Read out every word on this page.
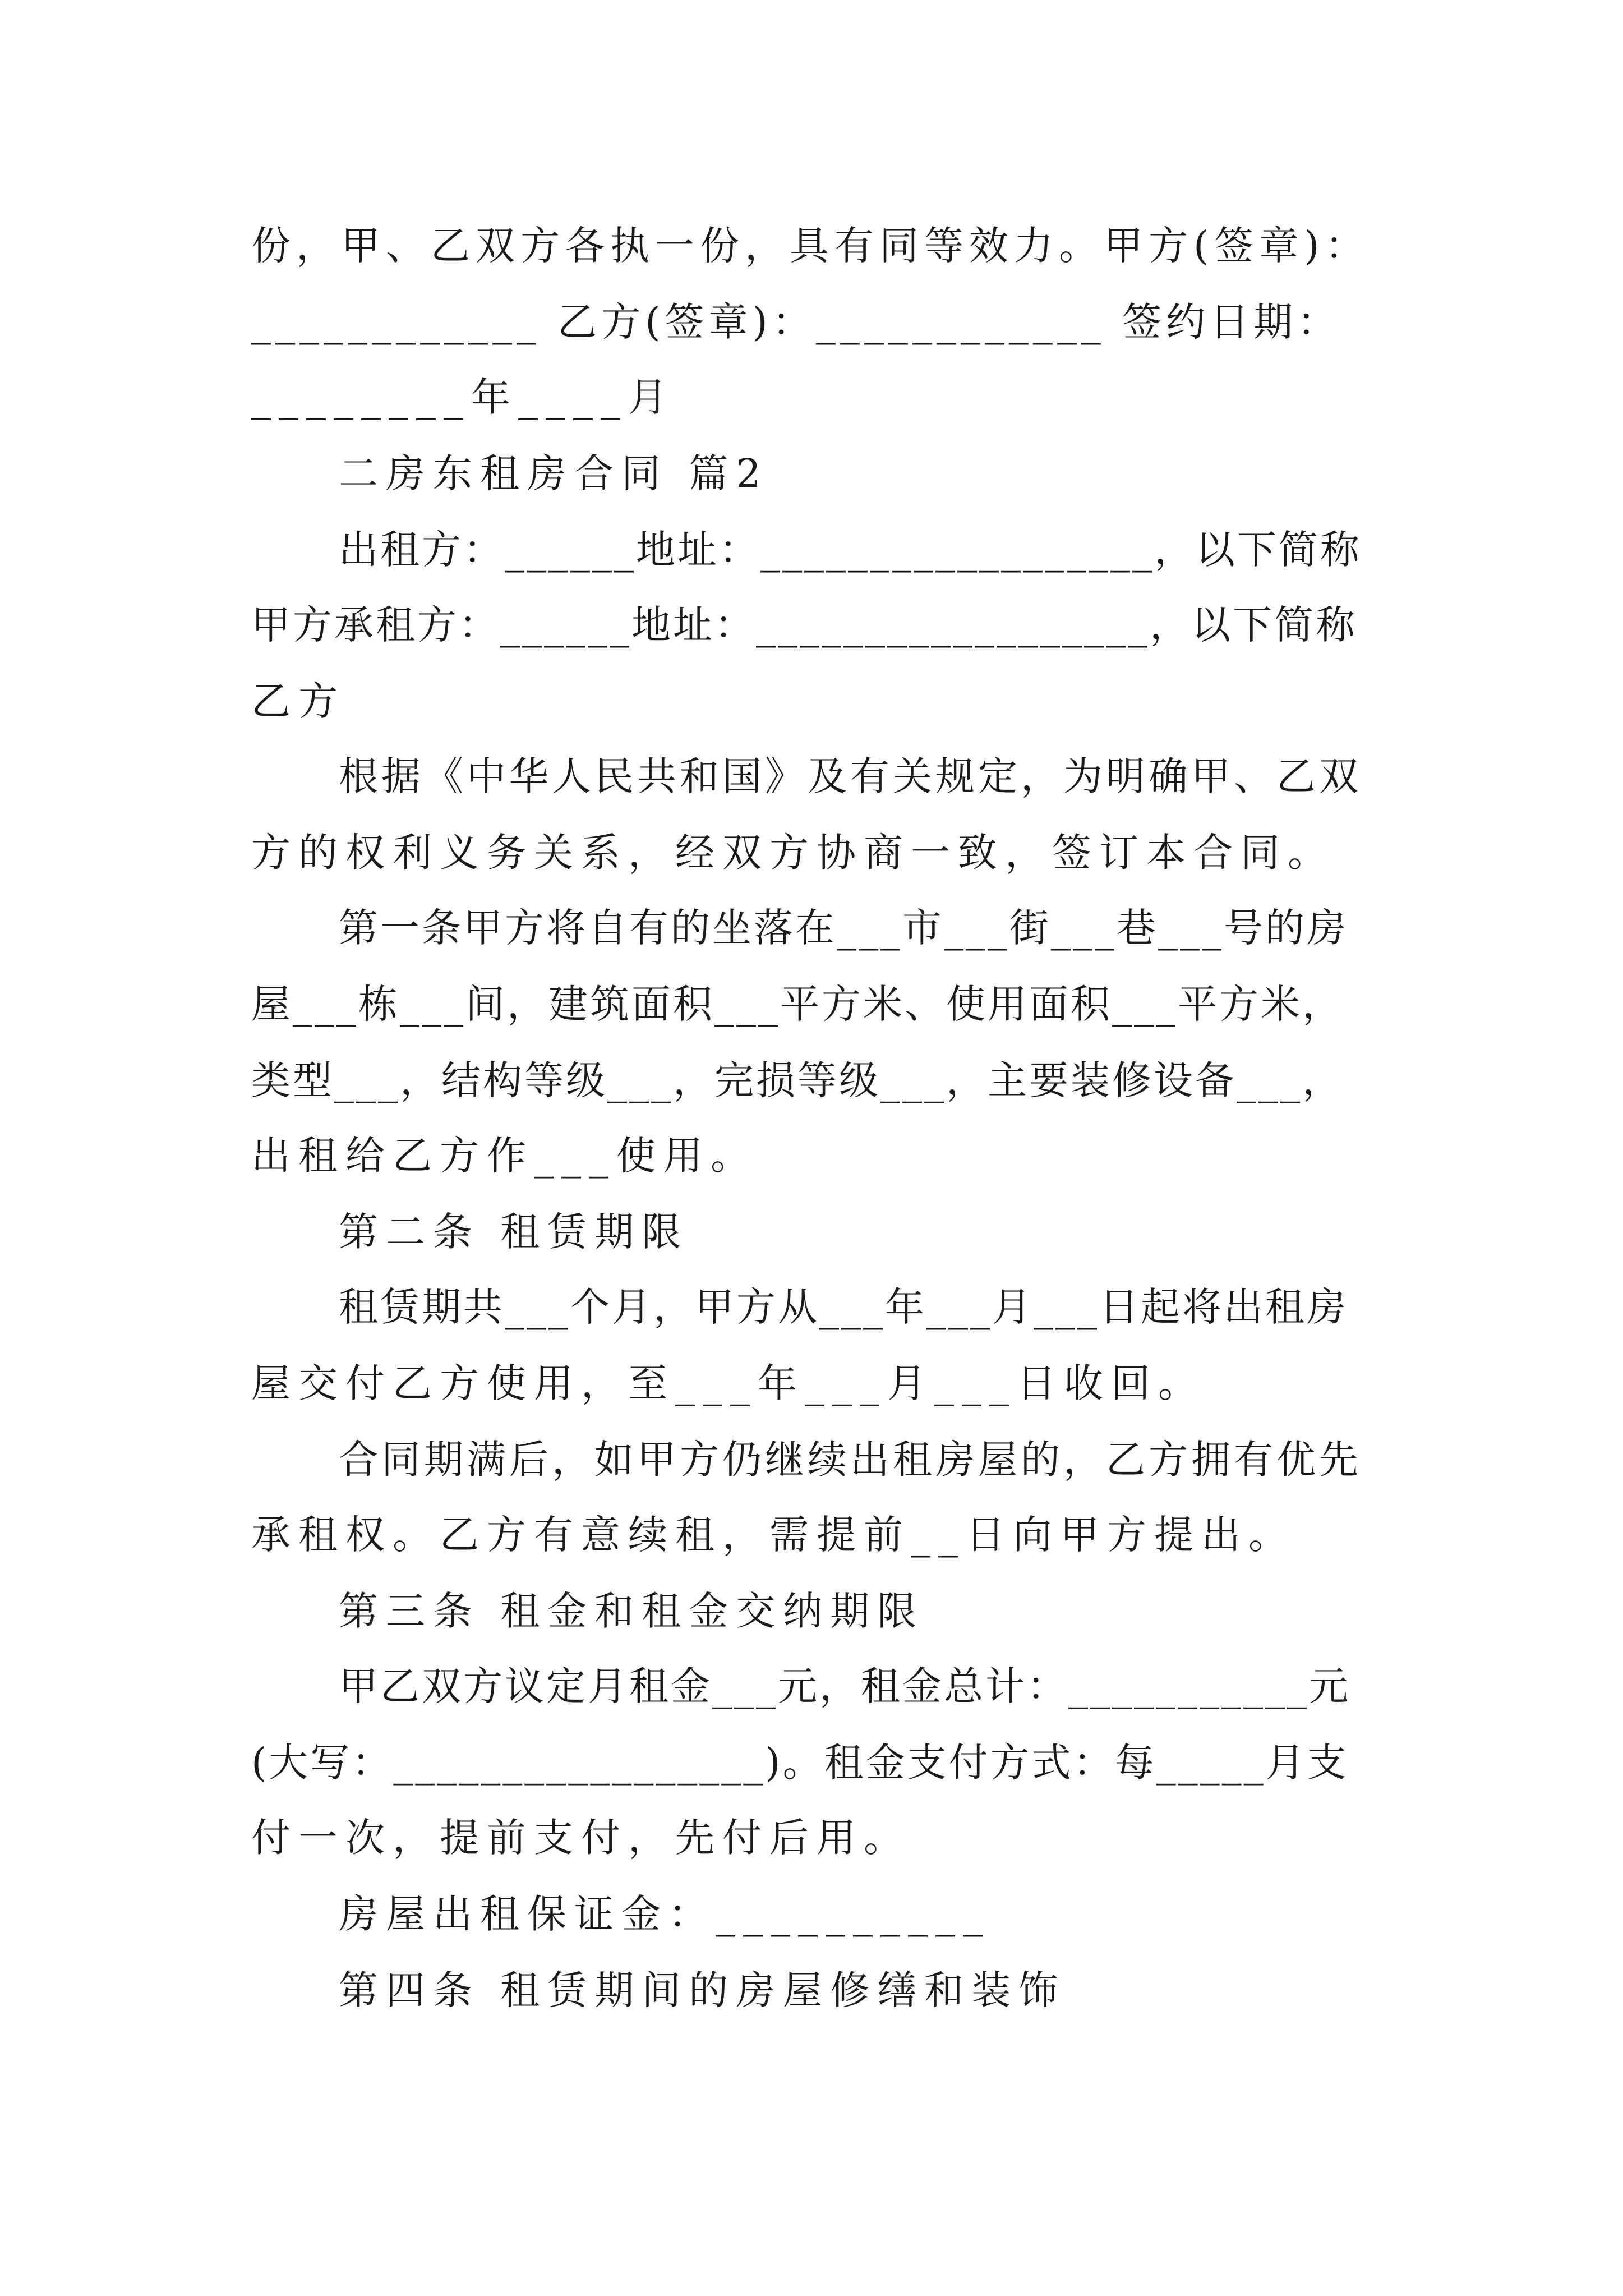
份，甲、乙双方各执一份，具有同等效力。甲方(签章)：
____________ 乙方(签章)：____________ 签约日期：
________年____月
二房东租房合同 篇2
出租方：______地址：__________________，以下简称
甲方承租方：______地址：__________________，以下简称
乙方
根据《中华人民共和国》及有关规定，为明确甲、乙双
方的权利义务关系，经双方协商一致，签订本合同。
第一条甲方将自有的坐落在___市___街___巷___号的房
屋___栋___间，建筑面积___平方米、使用面积___平方米，
类型___，结构等级___，完损等级___，主要装修设备___，
出租给乙方作___使用。
第二条 租赁期限
租赁期共___个月，甲方从___年___月___日起将出租房
屋交付乙方使用，至___年___月___日收回。
合同期满后，如甲方仍继续出租房屋的，乙方拥有优先
承租权。乙方有意续租，需提前__日向甲方提出。
第三条 租金和租金交纳期限
甲乙双方议定月租金___元，租金总计：___________元
(大写：_________________)。租金支付方式：每_____月支
付一次，提前支付，先付后用。
房屋出租保证金：__________
第四条 租赁期间的房屋修缮和装饰
